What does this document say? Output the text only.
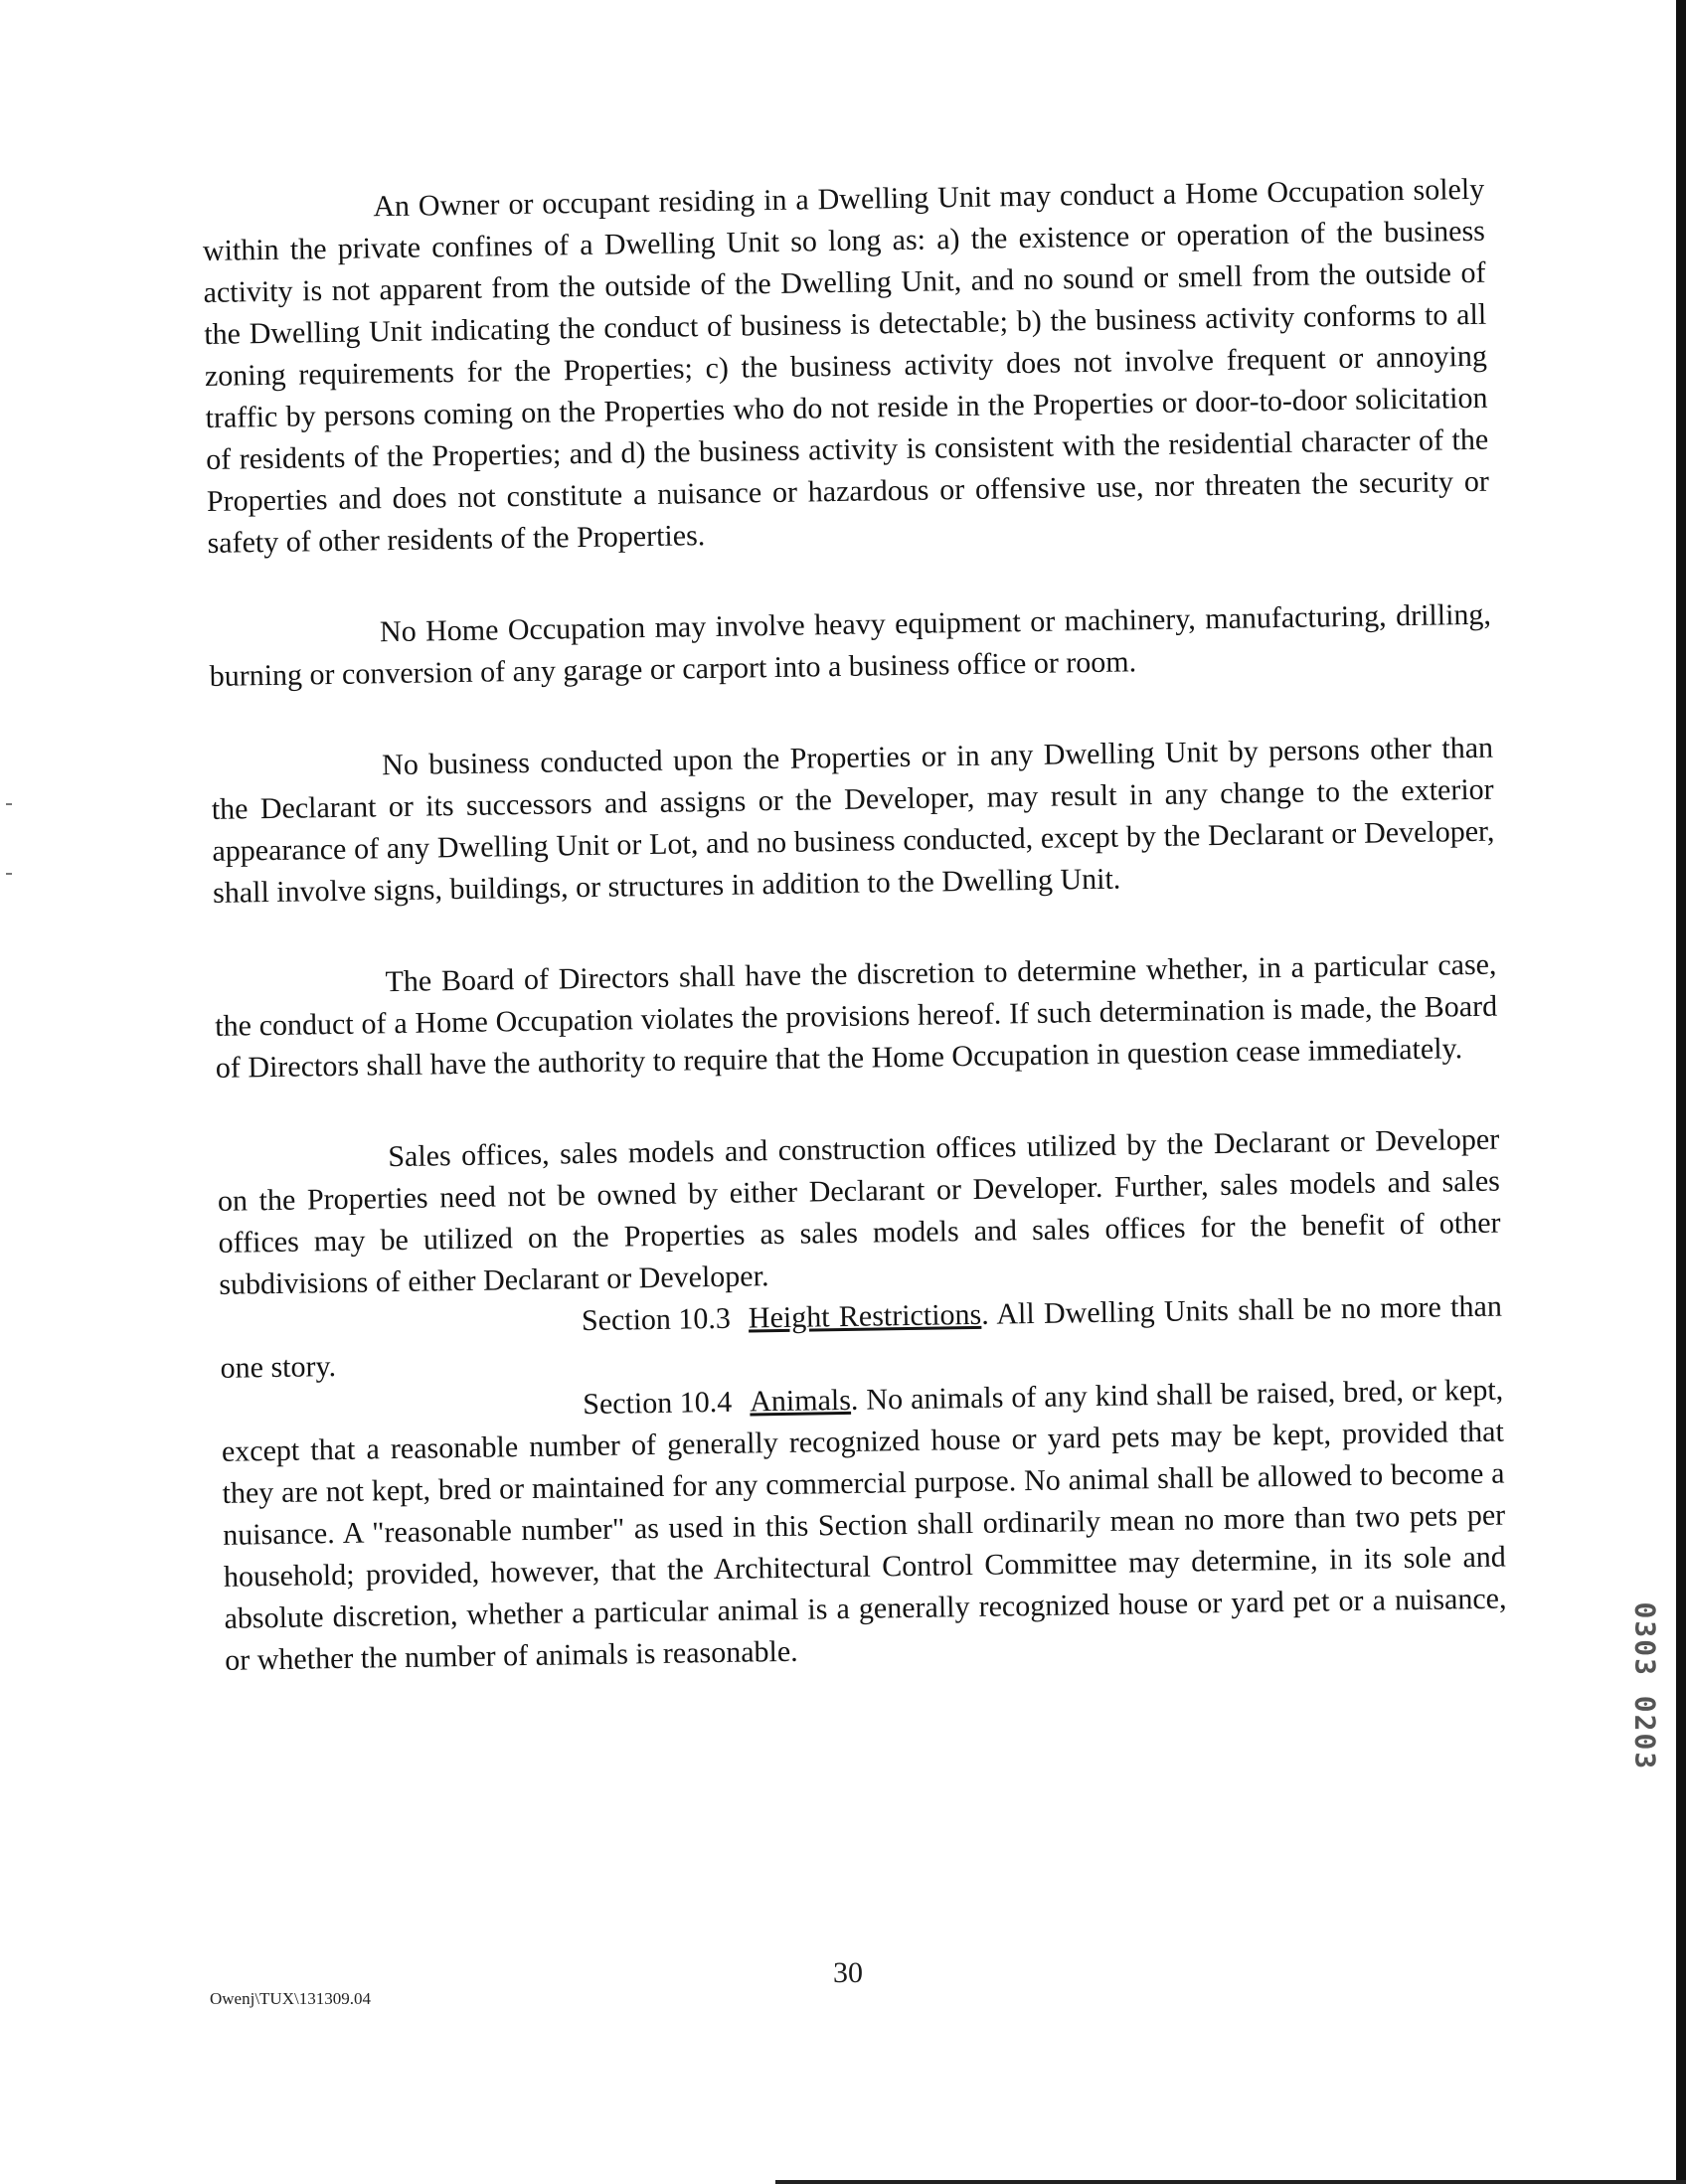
An Owner or occupant residing in a Dwelling Unit may conduct a Home Occupation solely within the private confines of a Dwelling Unit so long as: a) the existence or operation of the business activity is not apparent from the outside of the Dwelling Unit, and no sound or smell from the outside of the Dwelling Unit indicating the conduct of business is detectable; b) the business activity conforms to all zoning requirements for the Properties; c) the business activity does not involve frequent or annoying traffic by persons coming on the Properties who do not reside in the Properties or door-to-door solicitation of residents of the Properties; and d) the business activity is consistent with the residential character of the Properties and does not constitute a nuisance or hazardous or offensive use, nor threaten the security or safety of other residents of the Properties.

No Home Occupation may involve heavy equipment or machinery, manufacturing, drilling, burning or conversion of any garage or carport into a business office or room.

No business conducted upon the Properties or in any Dwelling Unit by persons other than the Declarant or its successors and assigns or the Developer, may result in any change to the exterior appearance of any Dwelling Unit or Lot, and no business conducted, except by the Declarant or Developer, shall involve signs, buildings, or structures in addition to the Dwelling Unit.

The Board of Directors shall have the discretion to determine whether, in a particular case, the conduct of a Home Occupation violates the provisions hereof. If such determination is made, the Board of Directors shall have the authority to require that the Home Occupation in question cease immediately.

Sales offices, sales models and construction offices utilized by the Declarant or Developer on the Properties need not be owned by either Declarant or Developer. Further, sales models and sales offices may be utilized on the Properties as sales models and sales offices for the benefit of other subdivisions of either Declarant or Developer.

Section 10.3 Height Restrictions. All Dwelling Units shall be no more than one story.

Section 10.4 Animals. No animals of any kind shall be raised, bred, or kept, except that a reasonable number of generally recognized house or yard pets may be kept, provided that they are not kept, bred or maintained for any commercial purpose. No animal shall be allowed to become a nuisance. A "reasonable number" as used in this Section shall ordinarily mean no more than two pets per household; provided, however, that the Architectural Control Committee may determine, in its sole and absolute discretion, whether a particular animal is a generally recognized house or yard pet or a nuisance, or whether the number of animals is reasonable.	0303 0203
30
Owenj\TUX\131309.04
